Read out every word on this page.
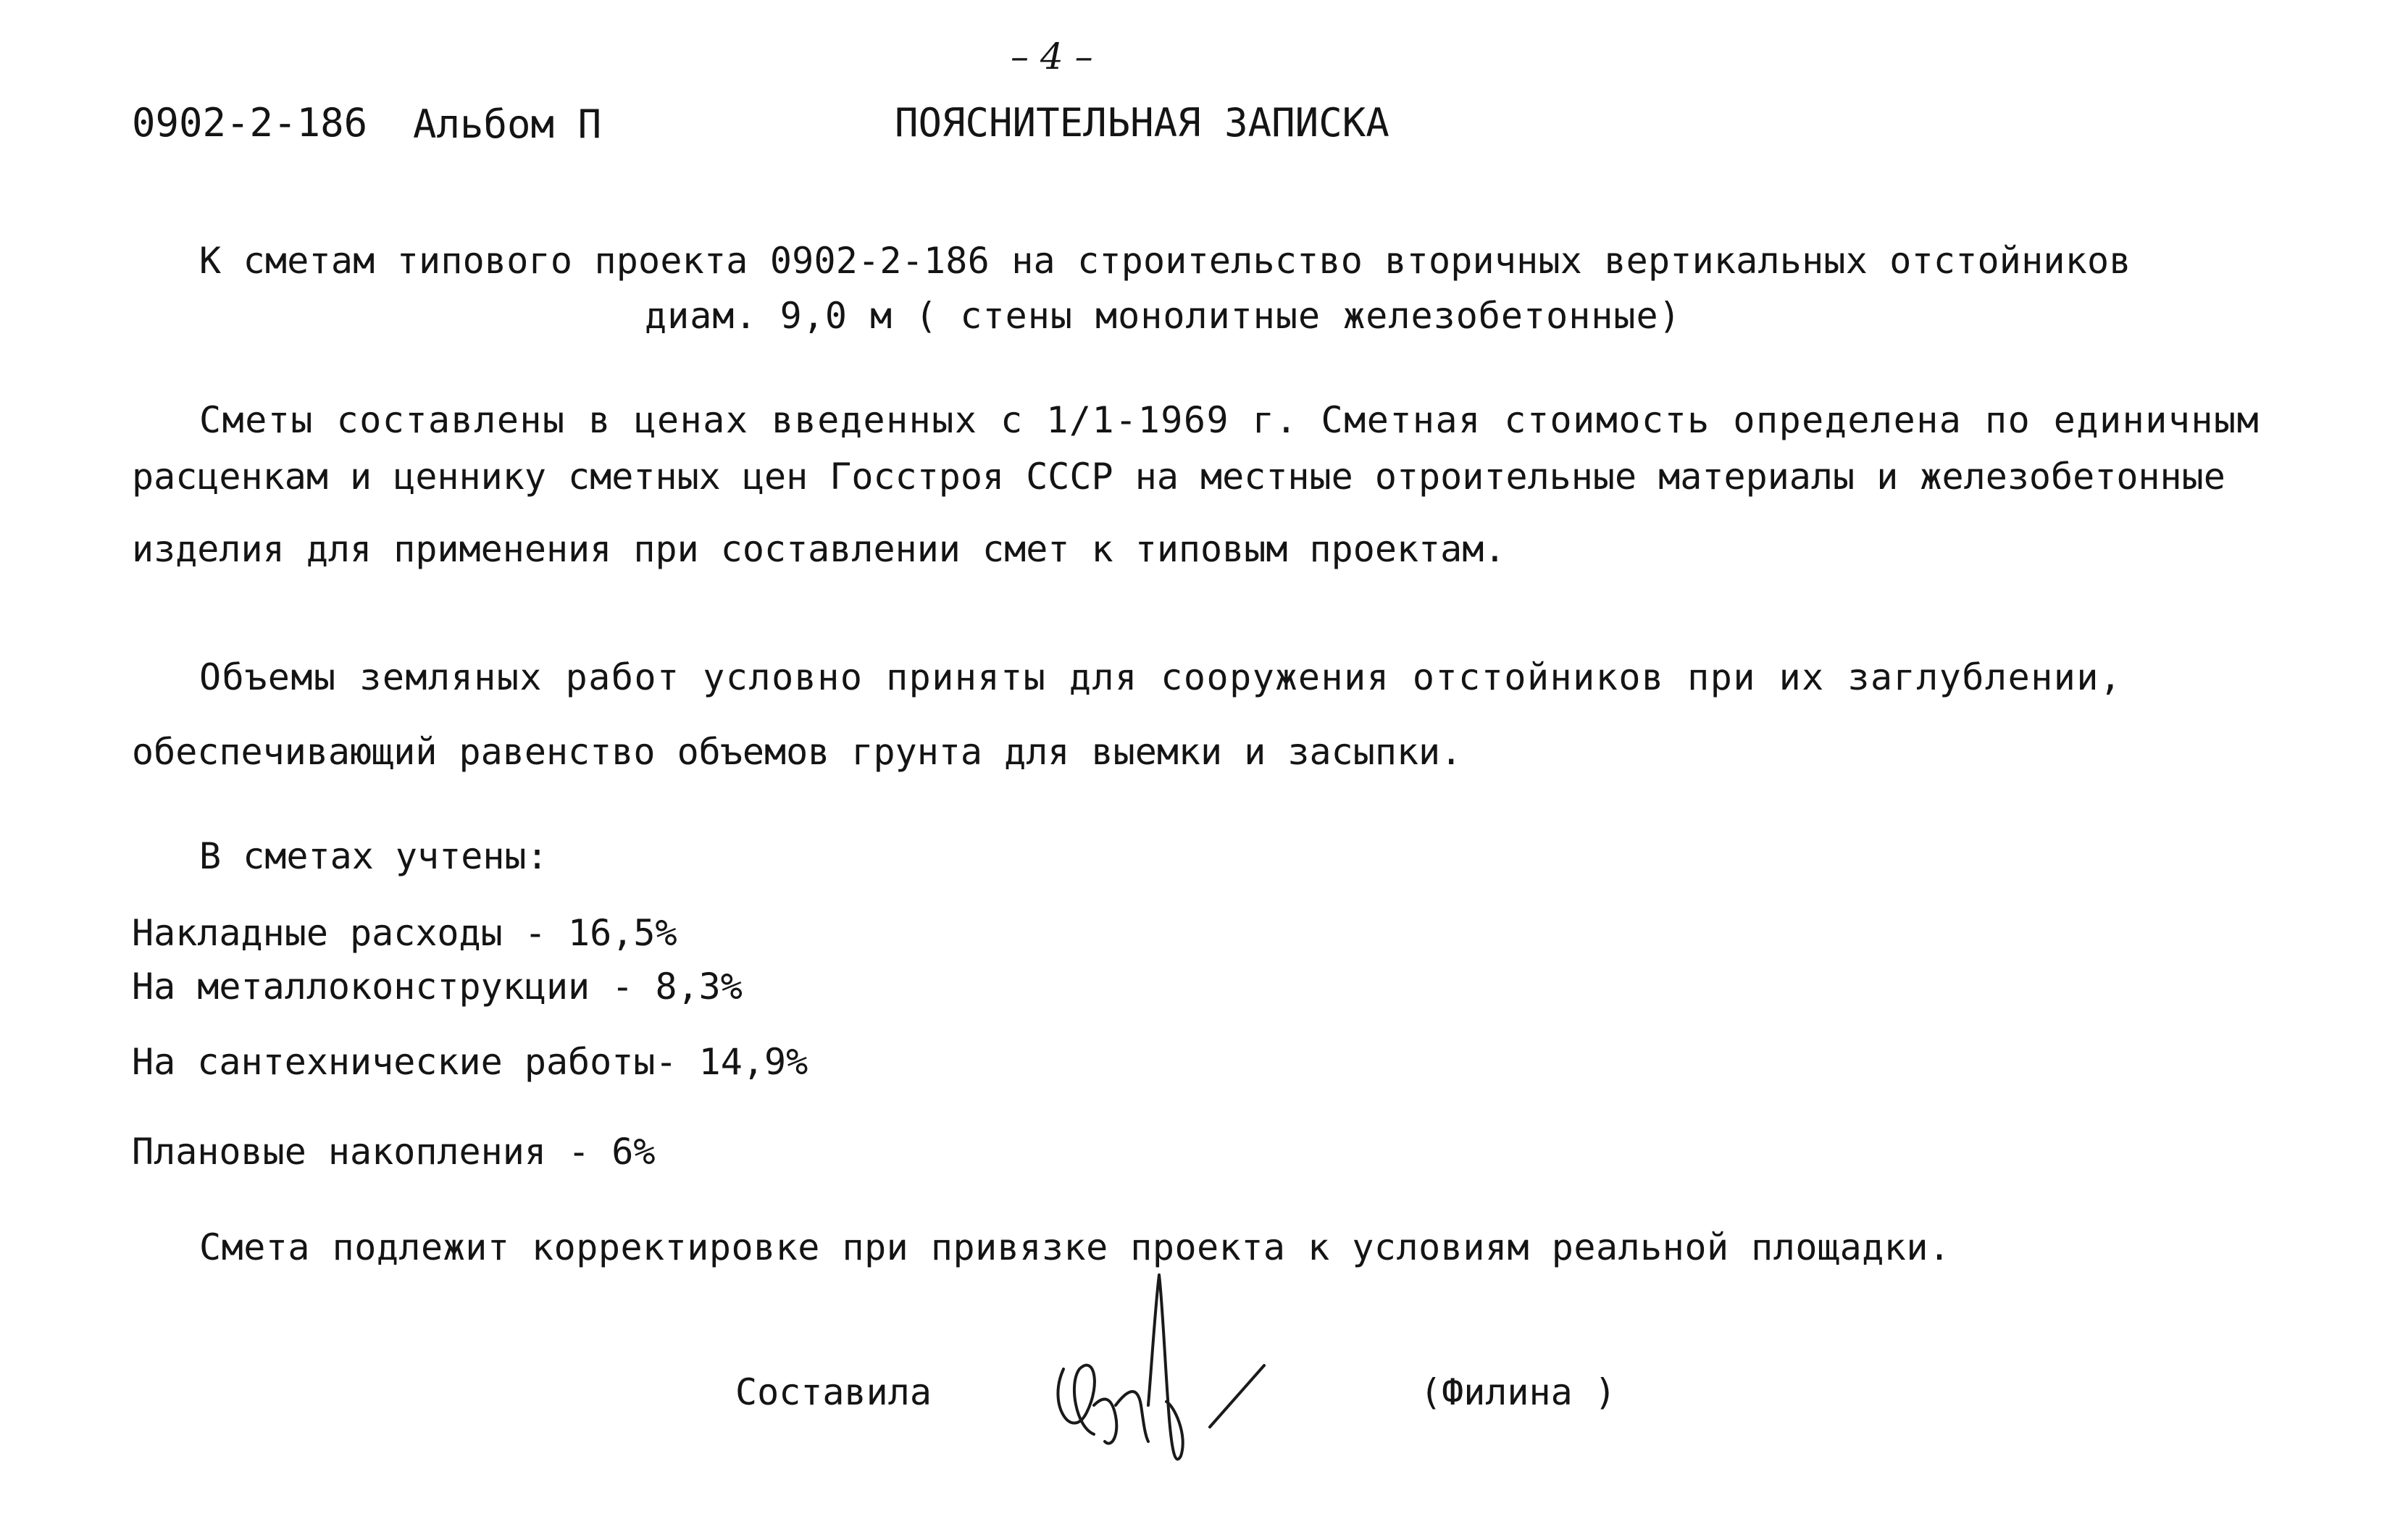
– 4 –
0902-2-186 Альбом П	ПОЯСНИТЕЛЬНАЯ ЗАПИСКА
К сметам типового проекта 0902-2-186 на строительство вторичных вертикальных отстойников
диам. 9,0 м ( стены монолитные железобетонные)
Сметы составлены в ценах введенных с 1/1-1969 г. Сметная стоимость определена по единичным
расценкам и ценнику сметных цен Госстроя СССР на местные отроительные материалы и железобетонные
изделия для применения при составлении смет к типовым проектам.
Объемы земляных работ условно приняты для сооружения отстойников при их заглублении,
обеспечивающий равенство объемов грунта для выемки и засыпки.
В сметах учтены:
Накладные расходы - 16,5%
На металлоконструкции - 8,3%
На сантехнические работы- 14,9%
Плановые накопления - 6%
Смета подлежит корректировке при привязке проекта к условиям реальной площадки.
Составила	(Филина )
